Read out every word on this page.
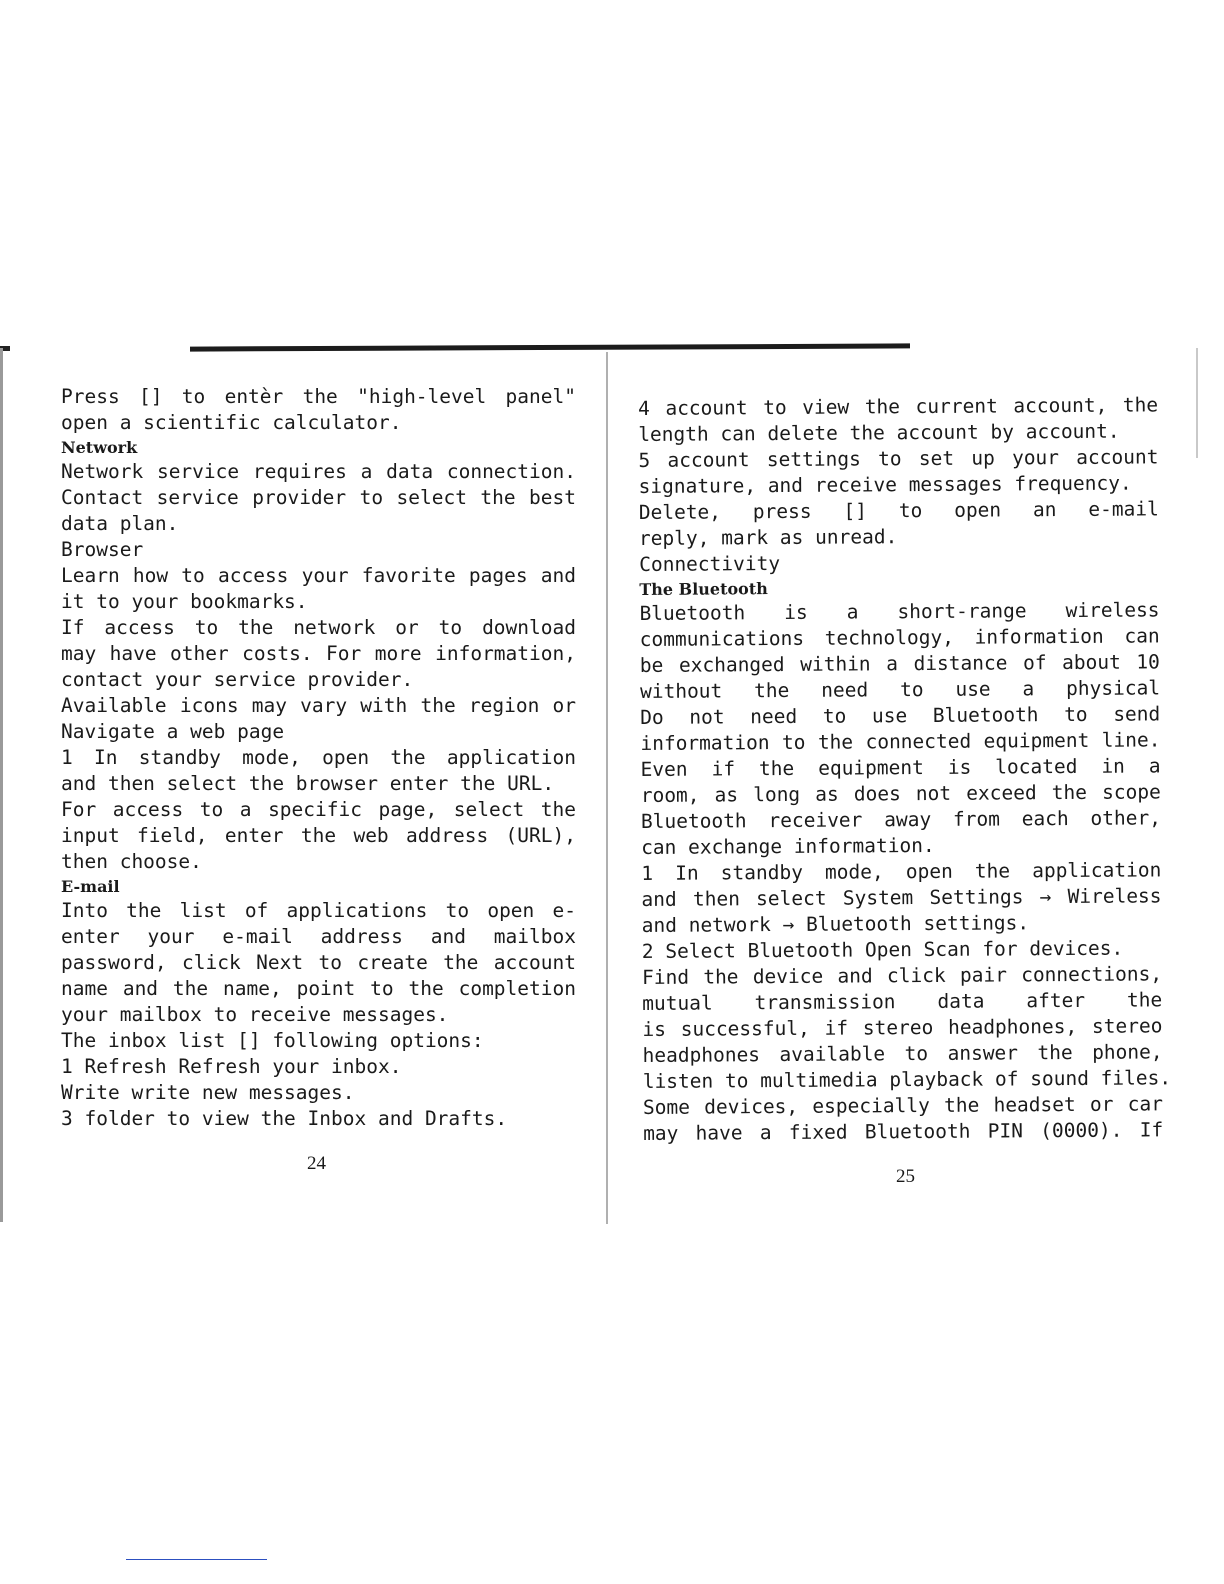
Press [] to entèr the "high-level panel"
open a scientific calculator.
Network
Network service requires a data connection.
Contact service provider to select the best
data plan.
Browser
Learn how to access your favorite pages and
it to your bookmarks.
If access to the network or to download
may have other costs. For more information,
contact your service provider.
Available icons may vary with the region or
Navigate a web page
1 In standby mode, open the application
and then select the browser enter the URL.
For access to a specific page, select the
input field, enter the web address (URL),
then choose.
E-mail
Into the list of applications to open e-
enter your e-mail address and mailbox
password, click Next to create the account
name and the name, point to the completion
your mailbox to receive messages.
The inbox list [] following options:
1 Refresh Refresh your inbox.
Write write new messages.
3 folder to view the Inbox and Drafts.
24
4 account to view the current account, the
length can delete the account by account.
5 account settings to set up your account
signature, and receive messages frequency.
Delete, press [] to open an e-mail
reply, mark as unread.
Connectivity
The Bluetooth
Bluetooth is a short-range wireless
communications technology, information can
be exchanged within a distance of about 10
without the need to use a physical
Do not need to use Bluetooth to send
information to the connected equipment line.
Even if the equipment is located in a
room, as long as does not exceed the scope
Bluetooth receiver away from each other,
can exchange information.
1 In standby mode, open the application
and then select System Settings → Wireless
and network → Bluetooth settings.
2 Select Bluetooth Open Scan for devices.
Find the device and click pair connections,
mutual transmission data after the
is successful, if stereo headphones, stereo
headphones available to answer the phone,
listen to multimedia playback of sound files.
Some devices, especially the headset or car
may have a fixed Bluetooth PIN (0000). If
25
